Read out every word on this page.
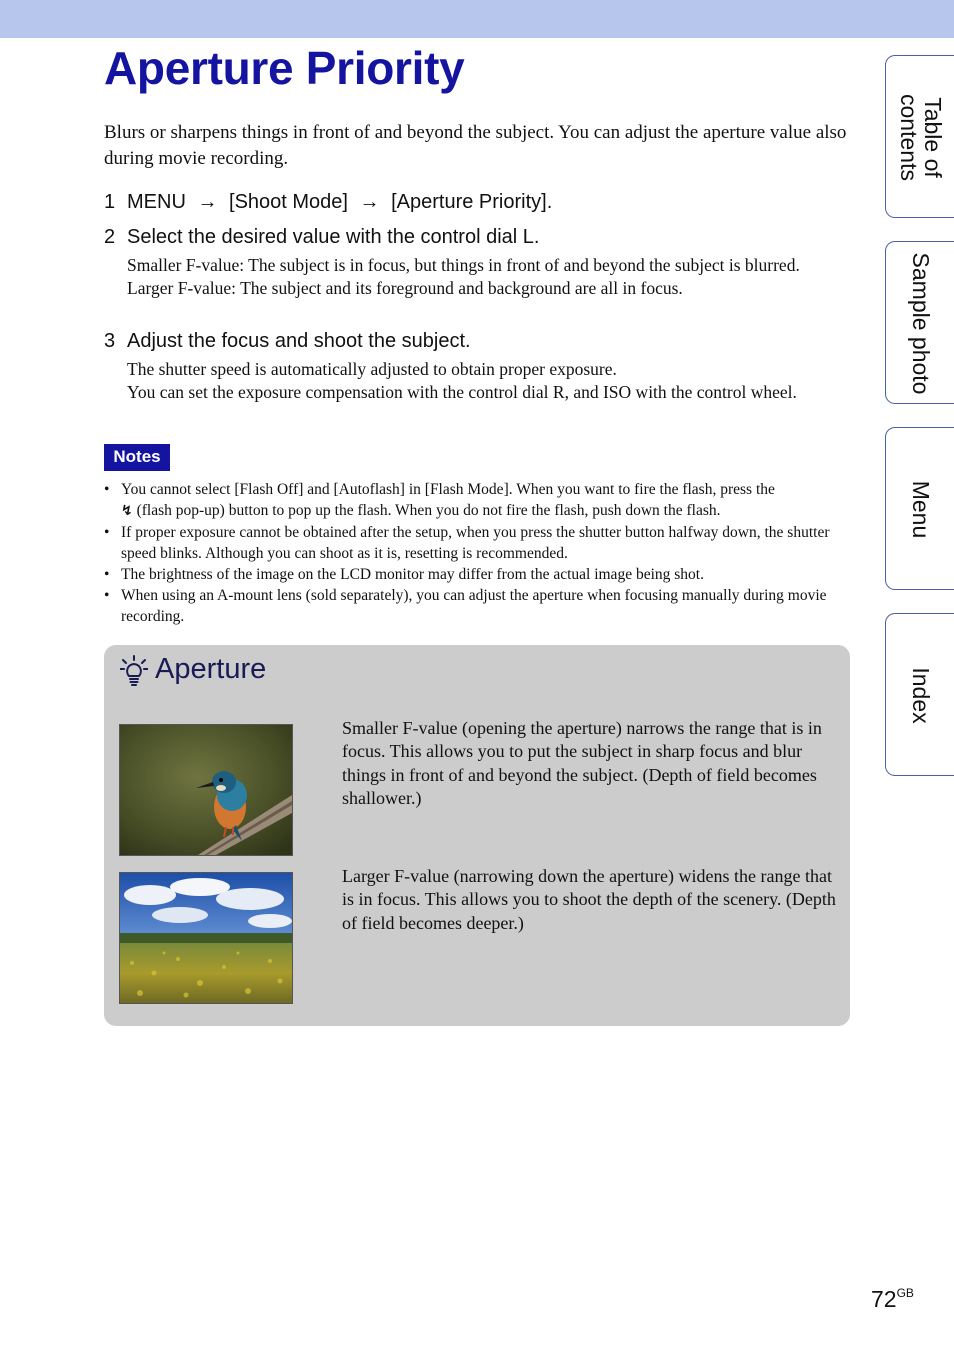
Aperture Priority

Blurs or sharpens things in front of and beyond the subject. You can adjust the aperture value also during movie recording.

1 MENU → [Shoot Mode] → [Aperture Priority].
2 Select the desired value with the control dial L.

Smaller F-value: The subject is in focus, but things in front of and beyond the subject is blurred.

Larger F-value: The subject and its foreground and background are all in focus.

3 Adjust the focus and shoot the subject.

The shutter speed is automatically adjusted to obtain proper exposure.

You can set the exposure compensation with the control dial R, and ISO with the control wheel.

Notes
• You cannot select [Flash Off] and [Autoflash] in [Flash Mode]. When you want to fire the flash, press the
↯ (flash pop-up) button to pop up the flash. When you do not fire the flash, push down the flash.
• If proper exposure cannot be obtained after the setup, when you press the shutter button halfway down, the shutter speed blinks. Although you can shoot as it is, resetting is recommended.
• The brightness of the image on the LCD monitor may differ from the actual image being shot.
• When using an A-mount lens (sold separately), you can adjust the aperture when focusing manually during movie recording.
Aperture

Smaller F-value (opening the aperture) narrows the range that is in focus. This allows you to put the subject in sharp focus and blur things in front of and beyond the subject. (Depth of field becomes shallower.)

Larger F-value (narrowing down the aperture) widens the range that is in focus. This allows you to shoot the depth of the scenery. (Depth of field becomes deeper.)

Table of
contents
Sample photo
Menu
Index
$72^{GB}$
